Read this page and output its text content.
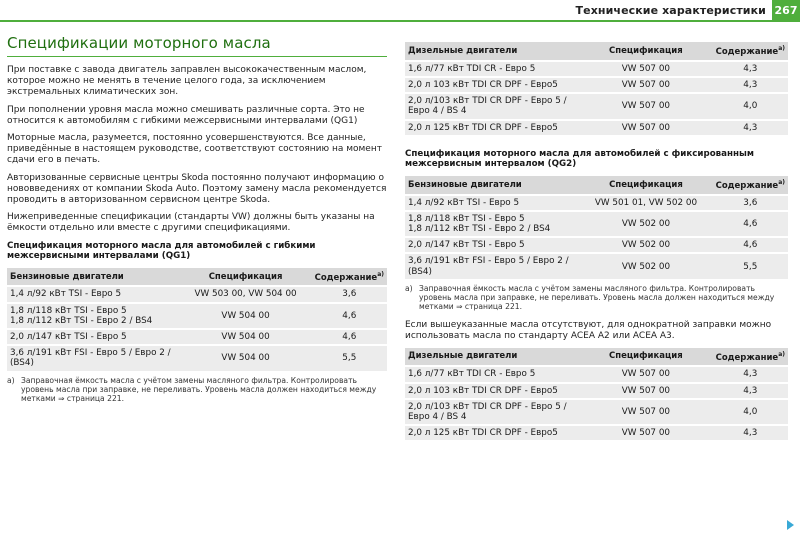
Технические характеристики 267
Спецификации моторного масла

При поставке с завода двигатель заправлен высококачественным маслом, которое можно не менять в течение целого года, за исключением экстремальных климатических зон.

При пополнении уровня масла можно смешивать различные сорта. Это не относится к автомобилям с гибкими межсервисными интервалами (QG1)

Моторные масла, разумеется, постоянно усовершенствуются. Все данные, приведённые в настоящем руководстве, соответствуют состоянию на момент сдачи его в печать.

Авторизованные сервисные центры Skoda постоянно получают информацию о нововведениях от компании Skoda Auto. Поэтому замену масла рекомендуется проводить в авторизованном сервисном центре Skoda.

Нижеприведенные спецификации (стандарты VW) должны быть указаны на ёмкости отдельно или вместе с другими спецификациями.

Спецификация моторного масла для автомобилей с гибкими межсервисными интервалами (QG1)
Бензиновые двигатели	Спецификация	Содержание$^{a)}$
1,4 л/92 кВт TSI - Евро 5	VW 503 00, VW 504 00	3,6
1,8 л/118 кВт TSI - Евро 5
1,8 л/112 кВт TSI - Евро 2 / BS4	VW 504 00	4,6
2,0 л/147 кВт TSI - Евро 5	VW 504 00	4,6
3,6 л/191 кВт FSI - Евро 5 / Евро 2 / (BS4)	VW 504 00	5,5
a) Заправочная ёмкость масла с учётом замены масляного фильтра. Контролировать уровень масла при заправке, не переливать. Уровень масла должен находиться между метками ⇒ страница 221.
Дизельные двигатели	Спецификация	Содержание$^{a)}$
1,6 л/77 кВт TDI CR - Евро 5	VW 507 00	4,3
2,0 л 103 кВт TDI CR DPF - Евро5	VW 507 00	4,3
2,0 л/103 кВт TDI CR DPF - Евро 5 / Евро 4 / BS 4	VW 507 00	4,0
2,0 л 125 кВт TDI CR DPF - Евро5	VW 507 00	4,3
Спецификация моторного масла для автомобилей с фиксированным межсервисным интервалом (QG2)
Бензиновые двигатели	Спецификация	Содержание$^{a)}$
1,4 л/92 кВт TSI - Евро 5	VW 501 01, VW 502 00	3,6
1,8 л/118 кВт TSI - Евро 5
1,8 л/112 кВт TSI - Евро 2 / BS4	VW 502 00	4,6
2,0 л/147 кВт TSI - Евро 5	VW 502 00	4,6
3,6 л/191 кВт FSI - Евро 5 / Евро 2 / (BS4)	VW 502 00	5,5
a) Заправочная ёмкость масла с учётом замены масляного фильтра. Контролировать уровень масла при заправке, не переливать. Уровень масла должен находиться между метками ⇒ страница 221.

Если вышеуказанные масла отсутствуют, для однократной заправки можно использовать масла по стандарту ACEA A2 или ACEA A3.

Дизельные двигатели	Спецификация	Содержание$^{a)}$
1,6 л/77 кВт TDI CR - Евро 5	VW 507 00	4,3
2,0 л 103 кВт TDI CR DPF - Евро5	VW 507 00	4,3
2,0 л/103 кВт TDI CR DPF - Евро 5 / Евро 4 / BS 4	VW 507 00	4,0
2,0 л 125 кВт TDI CR DPF - Евро5	VW 507 00	4,3
